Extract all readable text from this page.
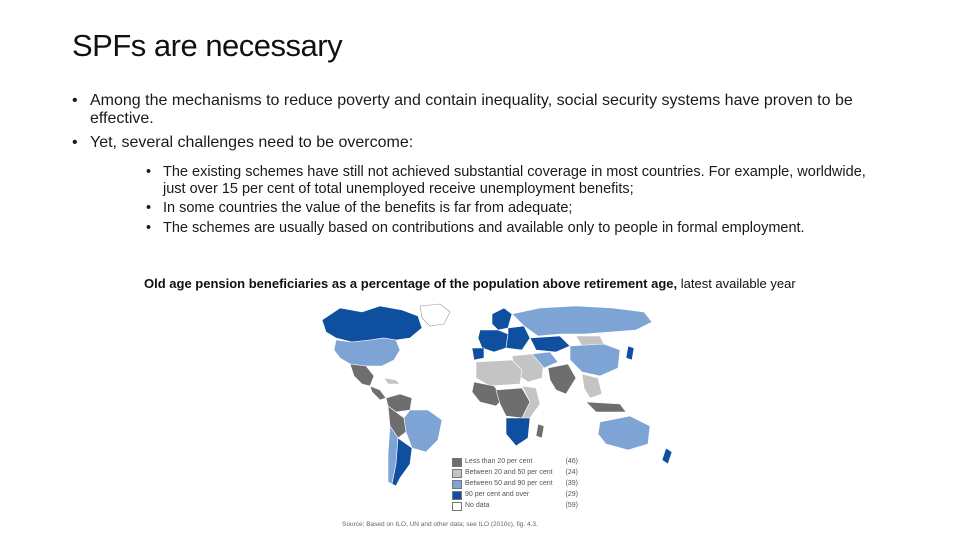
SPFs are necessary
• Among the mechanisms to reduce poverty and contain inequality, social security systems have proven to be effective.
• Yet, several challenges need to be overcome:
• The existing schemes have still not achieved substantial coverage in most countries. For example, worldwide, just over 15 per cent of total unemployed receive unemployment benefits;
• In some countries the value of the benefits is far from adequate;
• The schemes are usually based on contributions and available only to people in formal employment.
Old age pension beneficiaries as a percentage of the population above retirement age, latest available year
Less than 20 per cent	(46)
Between 20 and 50 per cent (24)
Between 50 and 90 per cent (39)
90 per cent and over	(29)
No data	(59)
Source: Based on ILO, UN and other data; see ILO (2010c), fig. 4.3.
